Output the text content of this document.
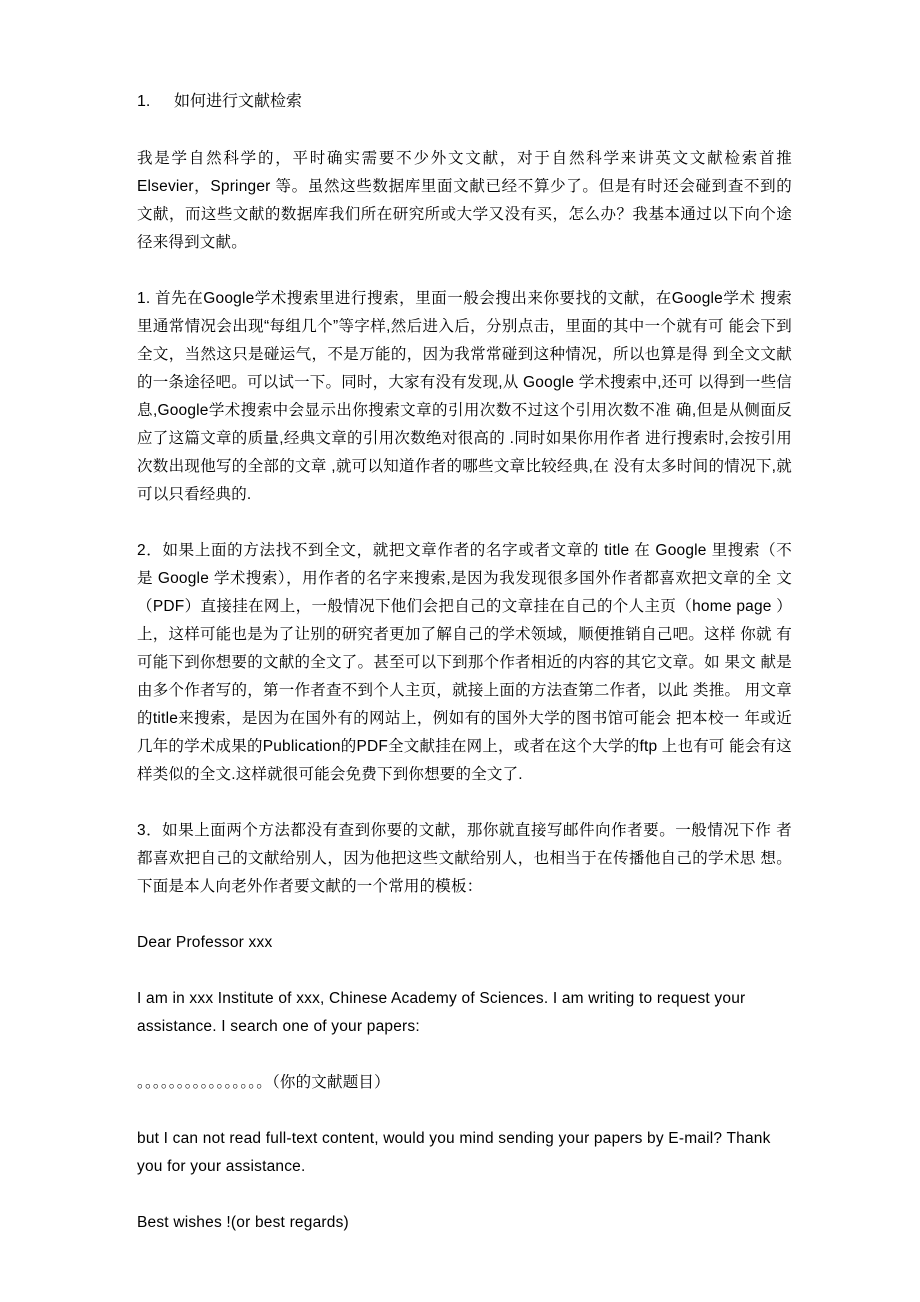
1.	如何进行文献检索

我是学自然科学的，平时确实需要不少外文文献，对于自然科学来讲英文文献检索首推 Elsevier，Springer 等。虽然这些数据库里面文献已经不算少了。但是有时还会碰到查不到的文献，而这些文献的数据库我们所在研究所或大学又没有买，怎么办？我基本通过以下向个途径来得到文献。

1. 首先在Google学术搜索里进行搜索，里面一般会搜出来你要找的文献，在Google学术 搜索里通常情况会出现“每组几个”等字样,然后进入后，分别点击，里面的其中一个就有可 能会下到全文，当然这只是碰运气，不是万能的，因为我常常碰到这种情况，所以也算是得 到全文文献的一条途径吧。可以试一下。同时，大家有没有发现,从 Google 学术搜索中,还可 以得到一些信息,Google学术搜索中会显示出你搜索文章的引用次数不过这个引用次数不准 确,但是从侧面反应了这篇文章的质量,经典文章的引用次数绝对很高的 .同时如果你用作者 进行搜索时,会按引用次数出现他写的全部的文章 ,就可以知道作者的哪些文章比较经典,在 没有太多时间的情况下,就可以只看经典的.

2．如果上面的方法找不到全文，就把文章作者的名字或者文章的 title 在 Google 里搜索（不 是 Google 学术搜索），用作者的名字来搜索,是因为我发现很多国外作者都喜欢把文章的全 文（PDF）直接挂在网上，一般情况下他们会把自己的文章挂在自己的个人主页（home page ） 上，这样可能也是为了让别的研究者更加了解自己的学术领域，顺便推销自己吧。这样 你就 有可能下到你想要的文献的全文了。甚至可以下到那个作者相近的内容的其它文章。如 果文 献是由多个作者写的，第一作者查不到个人主页，就接上面的方法查第二作者，以此 类推。 用文章的title来搜索，是因为在国外有的网站上，例如有的国外大学的图书馆可能会 把本校一 年或近几年的学术成果的Publication的PDF全文献挂在网上，或者在这个大学的ftp 上也有可 能会有这样类似的全文.这样就很可能会免费下到你想要的全文了.

3．如果上面两个方法都没有查到你要的文献，那你就直接写邮件向作者要。一般情况下作 者都喜欢把自己的文献给别人，因为他把这些文献给别人，也相当于在传播他自己的学术思 想。下面是本人向老外作者要文献的一个常用的模板：

Dear Professor xxx

I am in xxx Institute of xxx, Chinese Academy of Sciences. I am writing to request your assistance. I search one of your papers:

。。。。。。。。。。。。。。。。（你的文献题目）

but I can not read full-text content, would you mind sending your papers by E-mail? Thank you for your assistance.

Best wishes !(or best regards)
